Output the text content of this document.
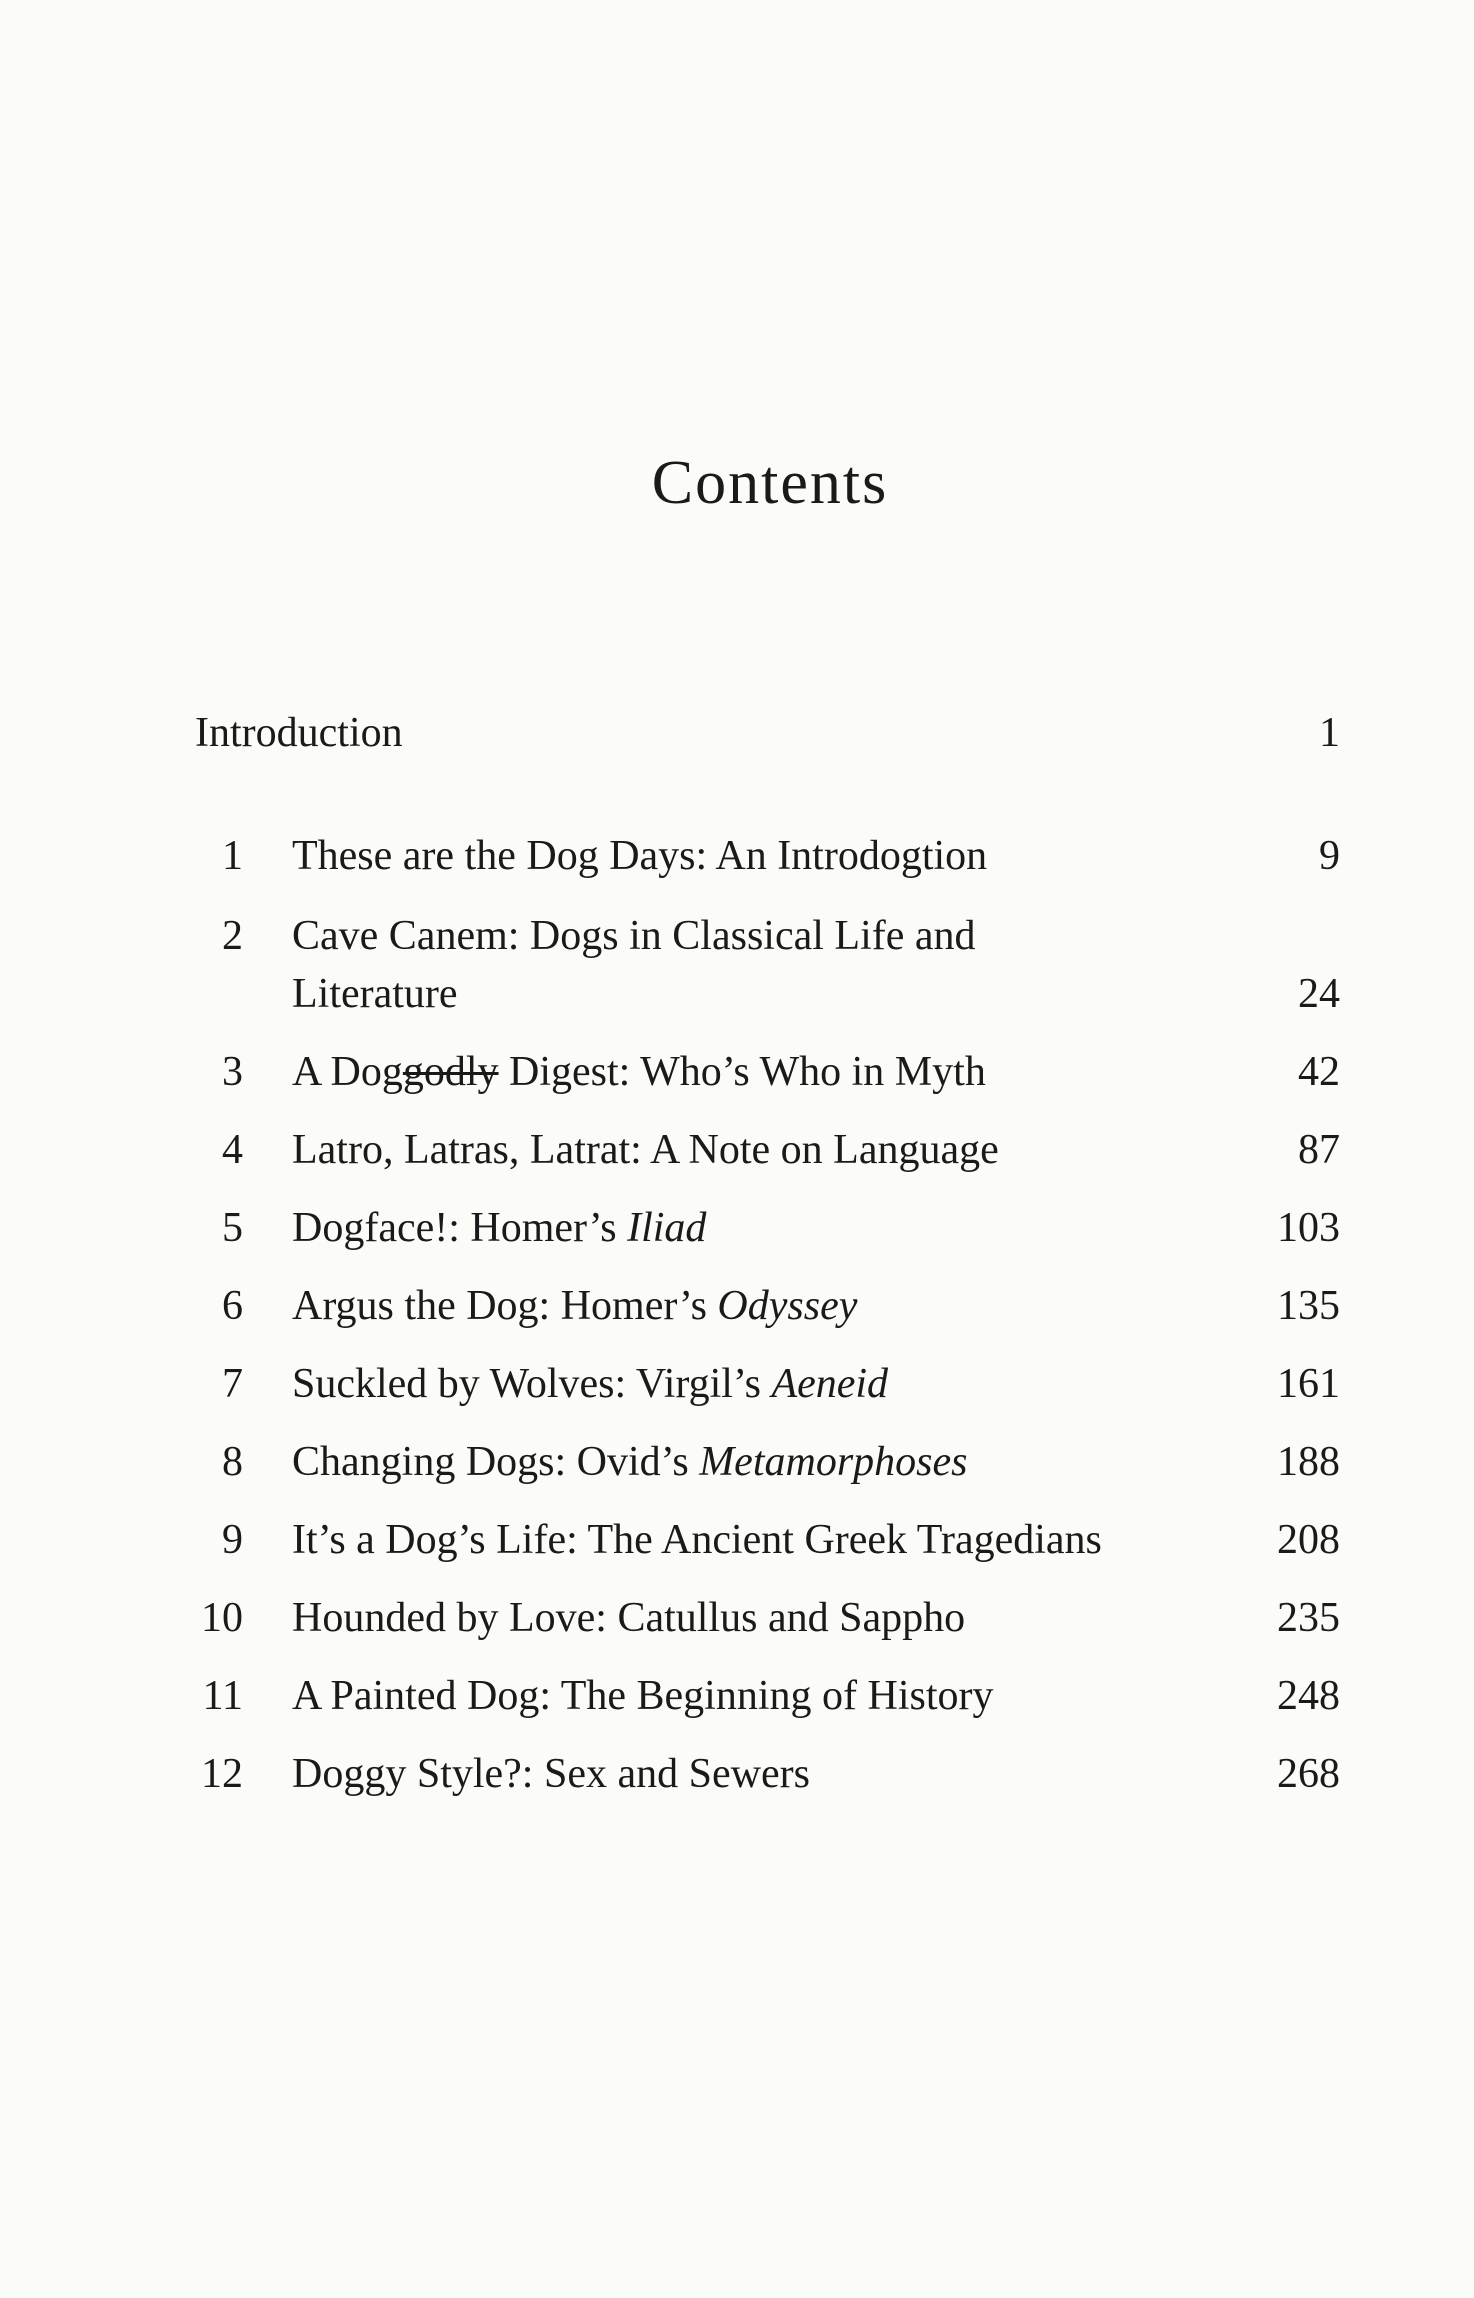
Contents
Introduction	1
1 These are the Dog Days: An Introdogtion	9
2 Cave Canem: Dogs in Classical Life and
Literature	24
3 A Doggodly Digest: Who’s Who in Myth	42
4 Latro, Latras, Latrat: A Note on Language	87
5 Dogface!: Homer’s Iliad	103
6 Argus the Dog: Homer’s Odyssey	135
7 Suckled by Wolves: Virgil’s Aeneid	161
8 Changing Dogs: Ovid’s Metamorphoses	188
9 It’s a Dog’s Life: The Ancient Greek Tragedians	208
10 Hounded by Love: Catullus and Sappho	235
11 A Painted Dog: The Beginning of History	248
12 Doggy Style?: Sex and Sewers	268
